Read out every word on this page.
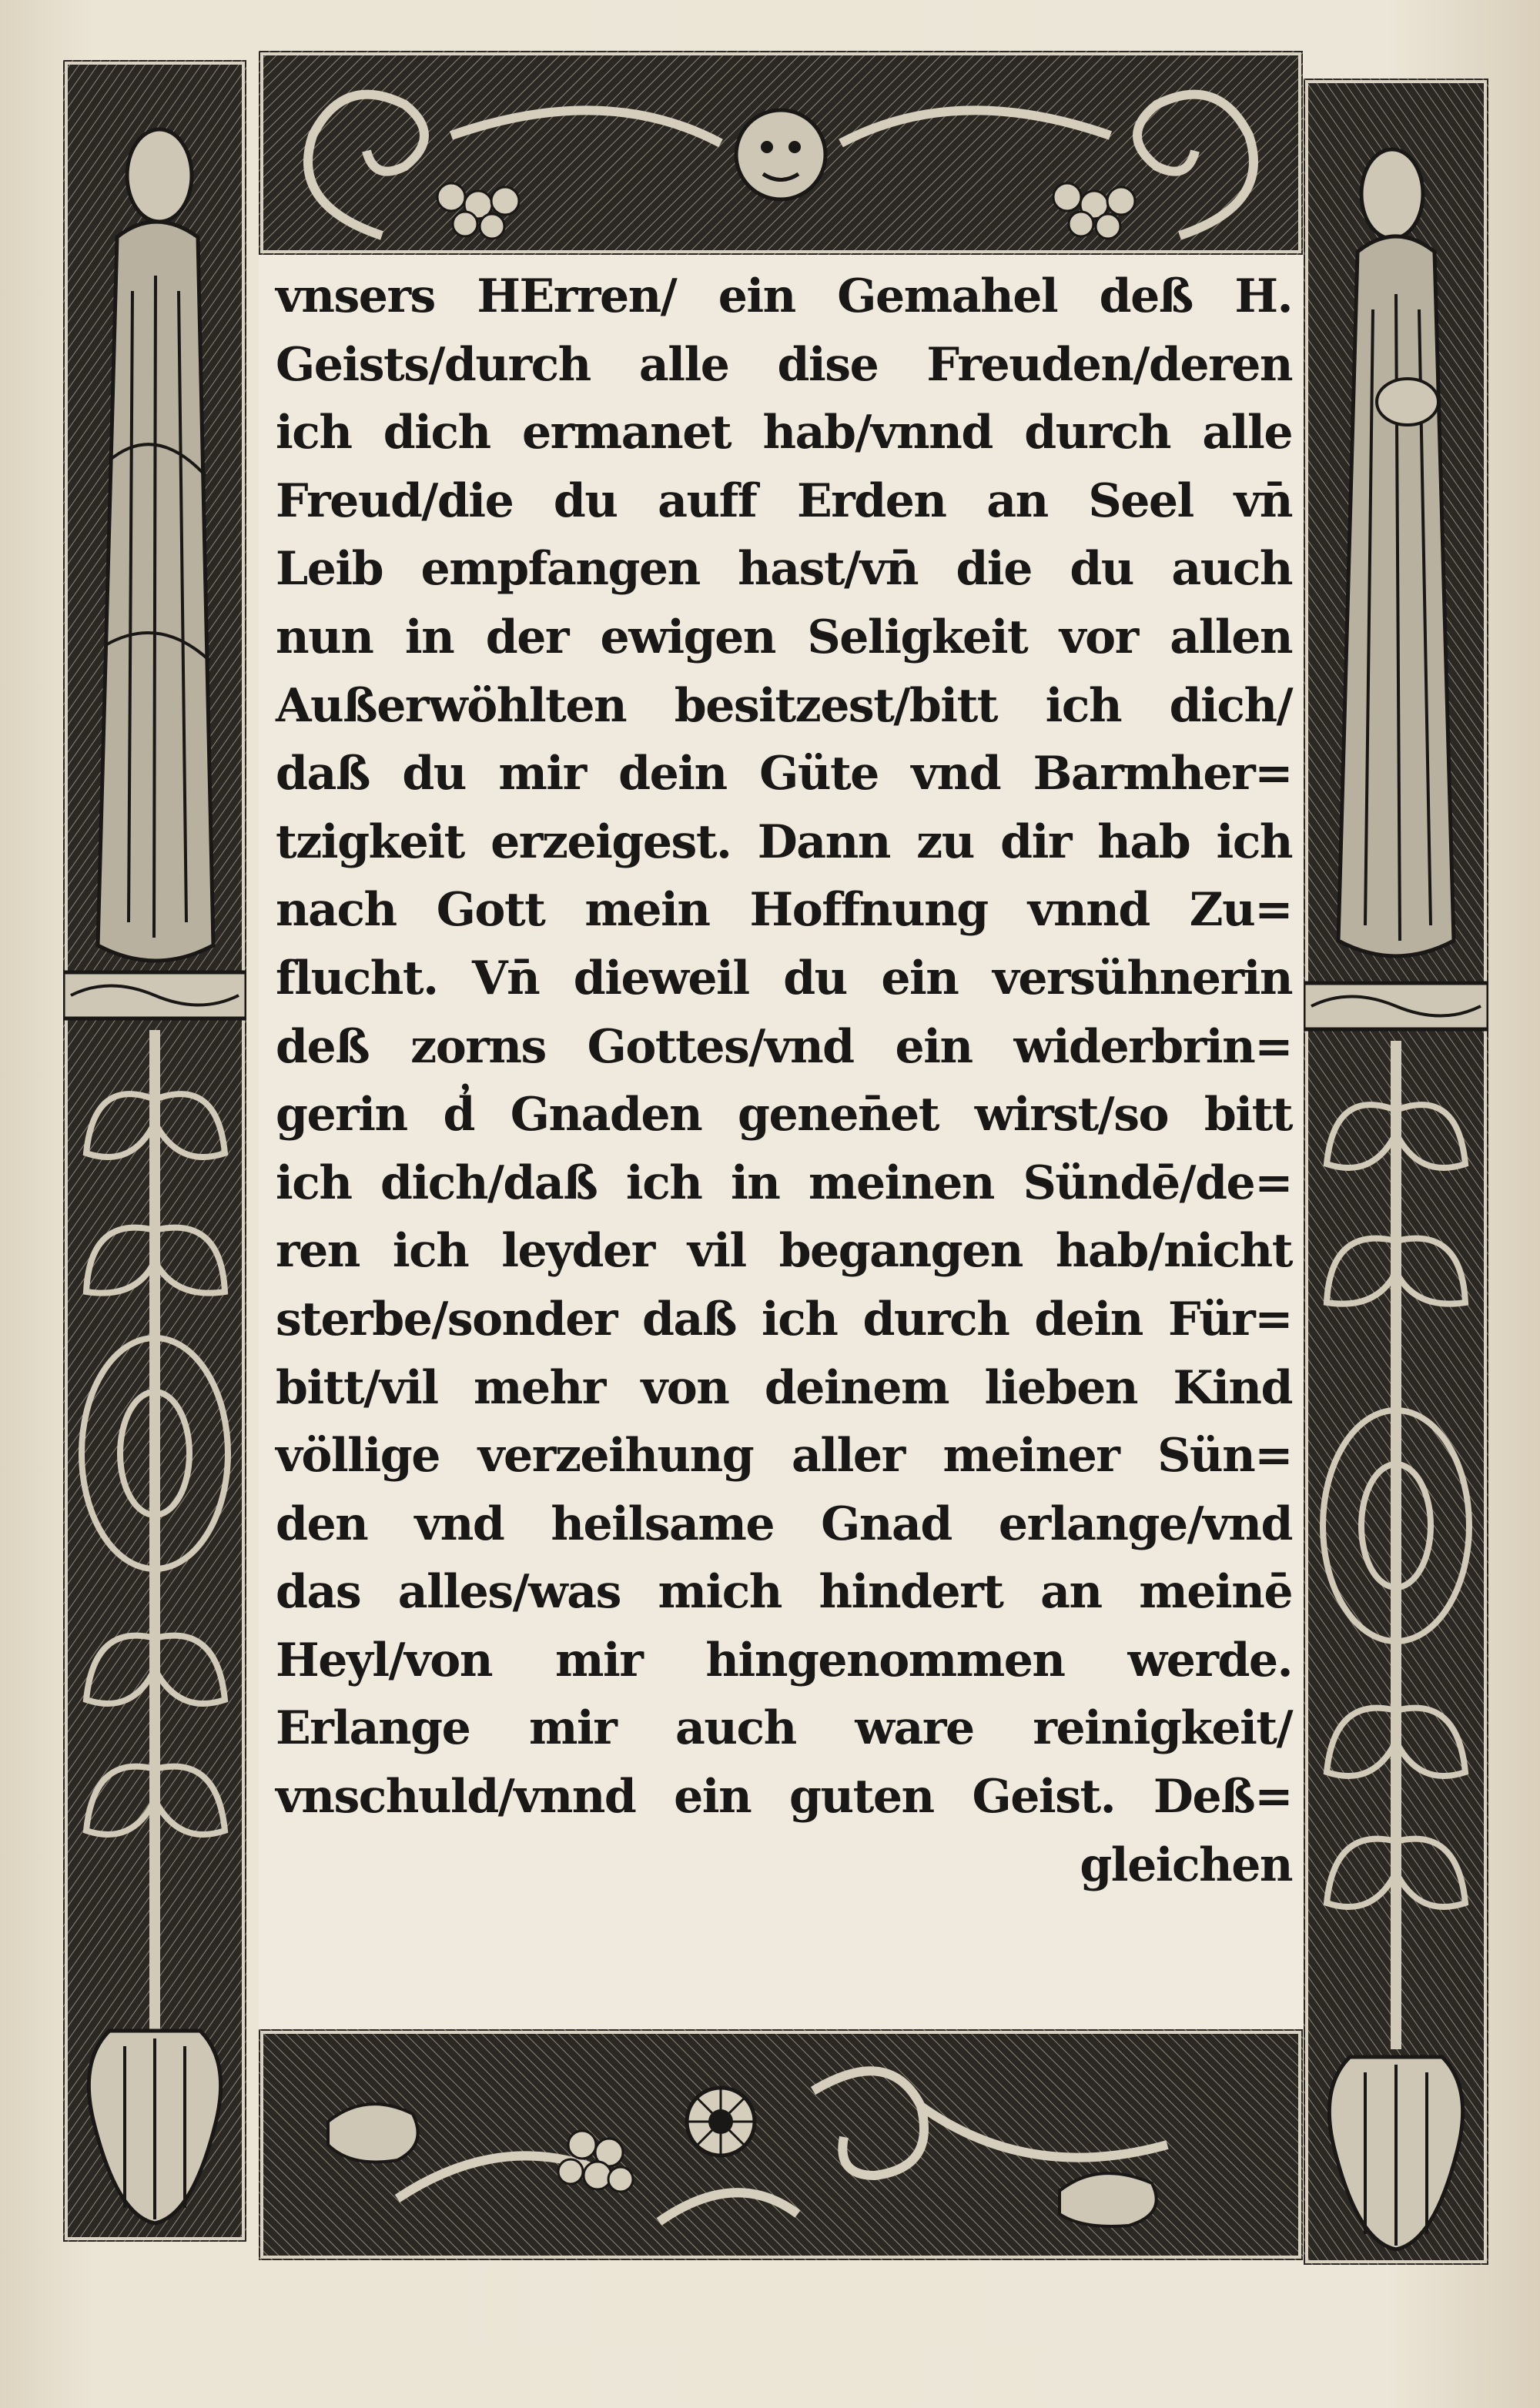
vnsers HErren/ ein Gemahel deß H.
Geists/durch alle dise Freuden/deren
ich dich ermanet hab/vnnd durch alle
Freud/die du auff Erden an Seel vn̄
Leib empfangen hast/vn̄ die du auch
nun in der ewigen Seligkeit vor allen
Außerwöhlten besitzest/bitt ich dich/
daß du mir dein Güte vnd Barmher=
tzigkeit erzeigest. Dann zu dir hab ich
nach Gott mein Hoffnung vnnd Zu=
flucht. Vn̄ dieweil du ein versühnerin
deß zorns Gottes/vnd ein widerbrin=
gerin d̓ Gnaden genen̄et wirst/so bitt
ich dich/daß ich in meinen Sündē/de=
ren ich leyder vil begangen hab/nicht
sterbe/sonder daß ich durch dein Für=
bitt/vil mehr von deinem lieben Kind
völlige verzeihung aller meiner Sün=
den vnd heilsame Gnad erlange/vnd
das alles/was mich hindert an meinē
Heyl/von mir hingenommen werde.
Erlange mir auch ware reinigkeit/
vnschuld/vnnd ein guten Geist. Deß=
gleichen
